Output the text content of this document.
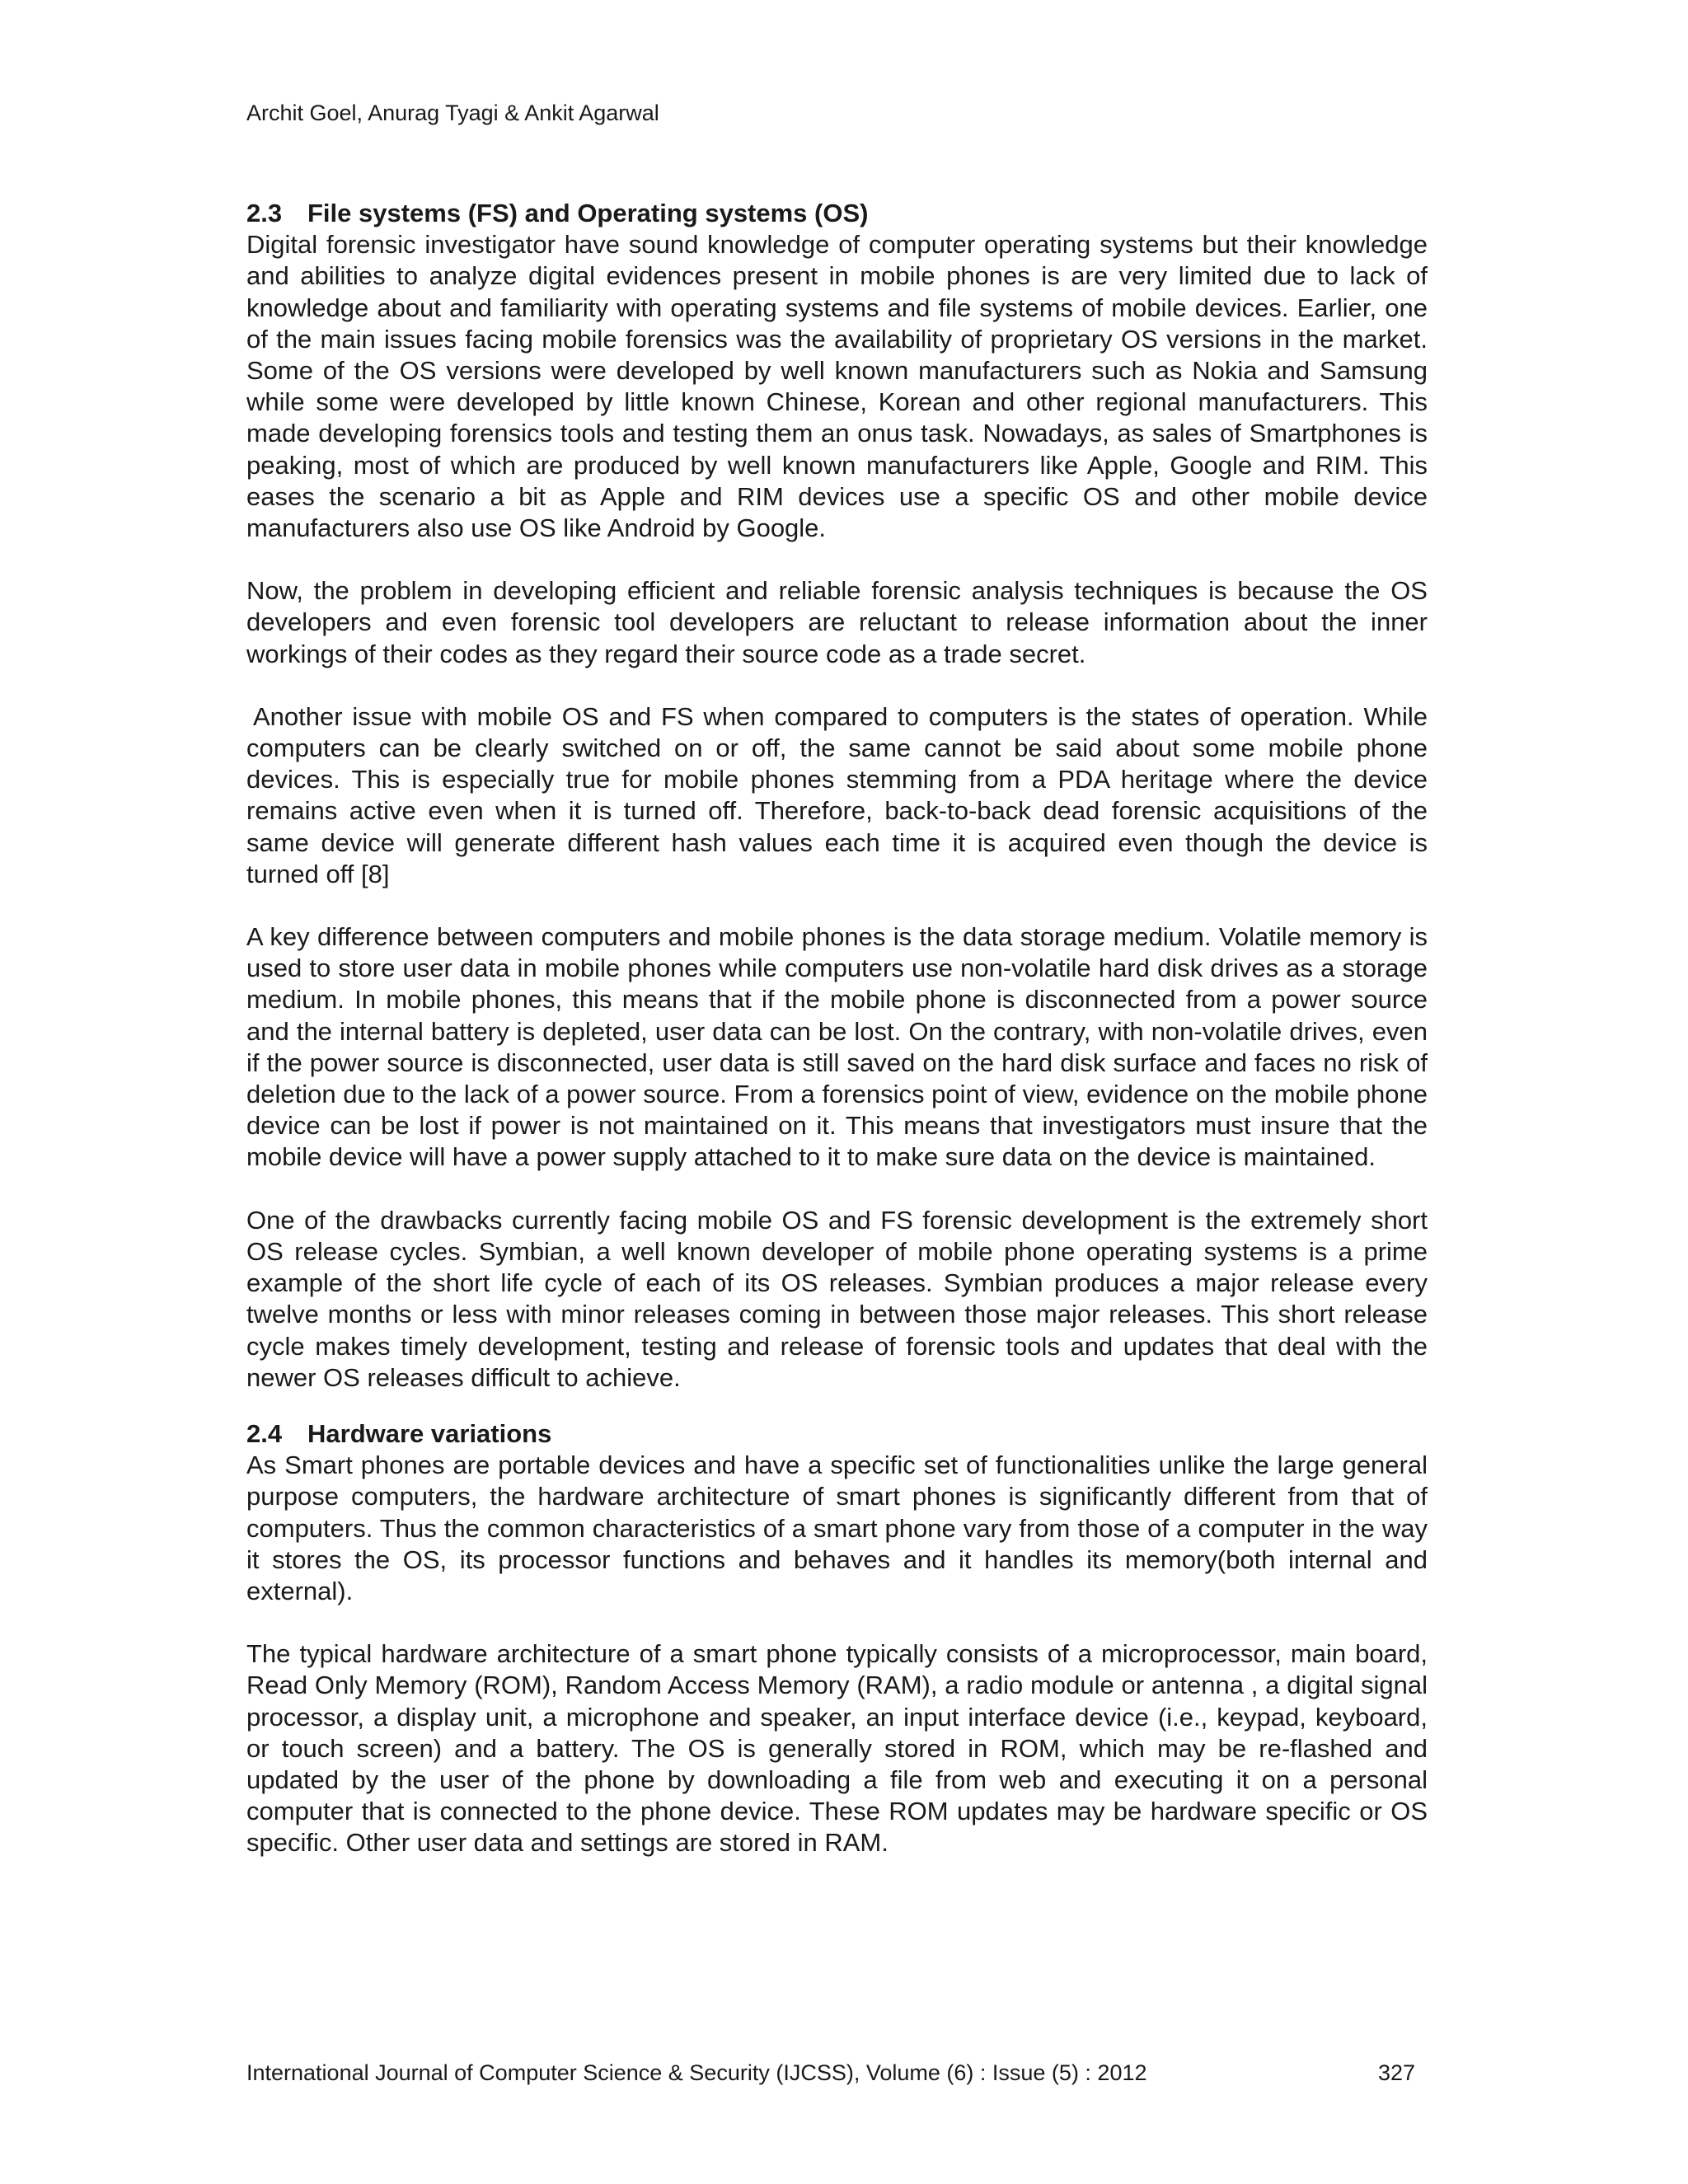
Archit Goel, Anurag Tyagi & Ankit Agarwal
2.3 File systems (FS) and Operating systems (OS)

Digital forensic investigator have sound knowledge of computer operating systems but their knowledge and abilities to analyze digital evidences present in mobile phones is are very limited due to lack of knowledge about and familiarity with operating systems and file systems of mobile devices. Earlier, one of the main issues facing mobile forensics was the availability of proprietary OS versions in the market. Some of the OS versions were developed by well known manufacturers such as Nokia and Samsung while some were developed by little known Chinese, Korean and other regional manufacturers. This made developing forensics tools and testing them an onus task. Nowadays, as sales of Smartphones is peaking, most of which are produced by well known manufacturers like Apple, Google and RIM. This eases the scenario a bit as Apple and RIM devices use a specific OS and other mobile device manufacturers also use OS like Android by Google.

Now, the problem in developing efficient and reliable forensic analysis techniques is because the OS developers and even forensic tool developers are reluctant to release information about the inner workings of their codes as they regard their source code as a trade secret.

Another issue with mobile OS and FS when compared to computers is the states of operation. While computers can be clearly switched on or off, the same cannot be said about some mobile phone devices. This is especially true for mobile phones stemming from a PDA heritage where the device remains active even when it is turned off. Therefore, back-to-back dead forensic acquisitions of the same device will generate different hash values each time it is acquired even though the device is turned off [8]

A key difference between computers and mobile phones is the data storage medium. Volatile memory is used to store user data in mobile phones while computers use non-volatile hard disk drives as a storage medium. In mobile phones, this means that if the mobile phone is disconnected from a power source and the internal battery is depleted, user data can be lost. On the contrary, with non-volatile drives, even if the power source is disconnected, user data is still saved on the hard disk surface and faces no risk of deletion due to the lack of a power source. From a forensics point of view, evidence on the mobile phone device can be lost if power is not maintained on it. This means that investigators must insure that the mobile device will have a power supply attached to it to make sure data on the device is maintained.

One of the drawbacks currently facing mobile OS and FS forensic development is the extremely short OS release cycles. Symbian, a well known developer of mobile phone operating systems is a prime example of the short life cycle of each of its OS releases. Symbian produces a major release every twelve months or less with minor releases coming in between those major releases. This short release cycle makes timely development, testing and release of forensic tools and updates that deal with the newer OS releases difficult to achieve.

2.4 Hardware variations

As Smart phones are portable devices and have a specific set of functionalities unlike the large general purpose computers, the hardware architecture of smart phones is significantly different from that of computers. Thus the common characteristics of a smart phone vary from those of a computer in the way it stores the OS, its processor functions and behaves and it handles its memory(both internal and external).

The typical hardware architecture of a smart phone typically consists of a microprocessor, main board, Read Only Memory (ROM), Random Access Memory (RAM), a radio module or antenna , a digital signal processor, a display unit, a microphone and speaker, an input interface device (i.e., keypad, keyboard, or touch screen) and a battery. The OS is generally stored in ROM, which may be re-flashed and updated by the user of the phone by downloading a file from web and executing it on a personal computer that is connected to the phone device. These ROM updates may be hardware specific or OS specific. Other user data and settings are stored in RAM.

International Journal of Computer Science & Security (IJCSS), Volume (6) : Issue (5) : 2012	327
